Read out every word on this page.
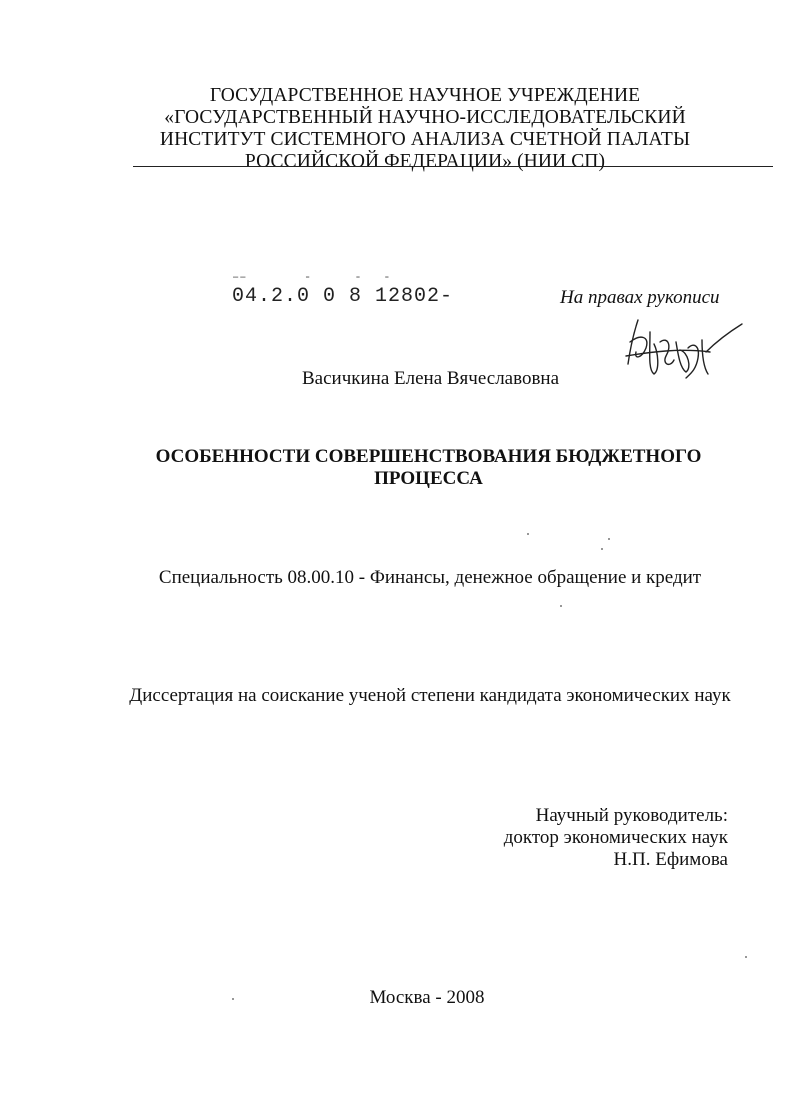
ГОСУДАРСТВЕННОЕ НАУЧНОЕ УЧРЕЖДЕНИЕ
«ГОСУДАРСТВЕННЫЙ НАУЧНО-ИССЛЕДОВАТЕЛЬСКИЙ
ИНСТИТУТ СИСТЕМНОГО АНАЛИЗА СЧЕТНОЙ ПАЛАТЫ
РОССИЙСКОЙ ФЕДЕРАЦИИ» (НИИ СП)
‒‒        -      -   -
04.2.0 0 8 12802-	На правах рукописи
Васичкина Елена Вячеславовна
ОСОБЕННОСТИ СОВЕРШЕНСТВОВАНИЯ БЮДЖЕТНОГО
ПРОЦЕССА
Специальность 08.00.10 - Финансы, денежное обращение и кредит
Диссертация на соискание ученой степени кандидата экономических наук
Научный руководитель:
доктор экономических наук
Н.П. Ефимова
Москва - 2008
